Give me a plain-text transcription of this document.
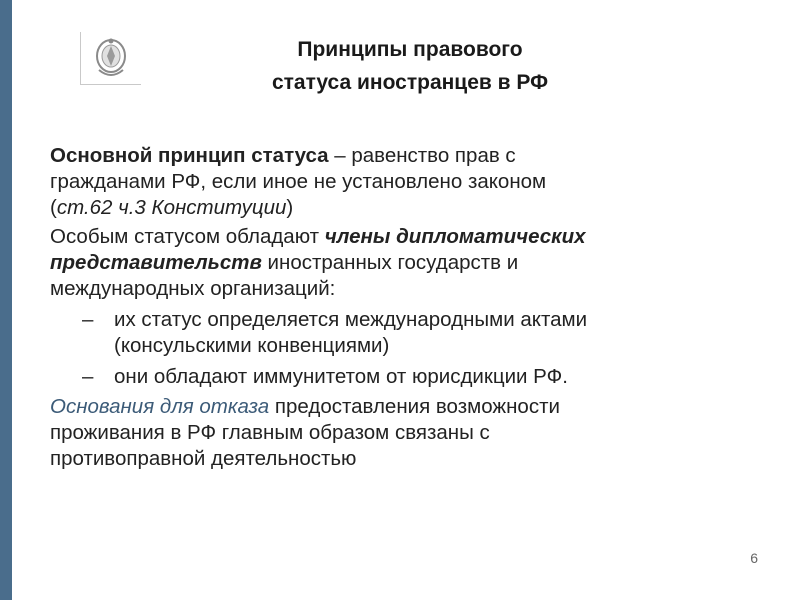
Принципы правового
статуса иностранцев в РФ
Основной принцип статуса – равенство прав с
гражданами РФ, если иное не установлено законом
(ст.62 ч.3 Конституции)
Особым статусом обладают члены дипломатических
представительств иностранных государств и
международных организаций:
– их статус определяется международными актами
(консульскими конвенциями)
– они обладают иммунитетом от юрисдикции РФ.
Основания для отказа предоставления возможности
проживания в РФ главным образом связаны с
противоправной деятельностью
6
